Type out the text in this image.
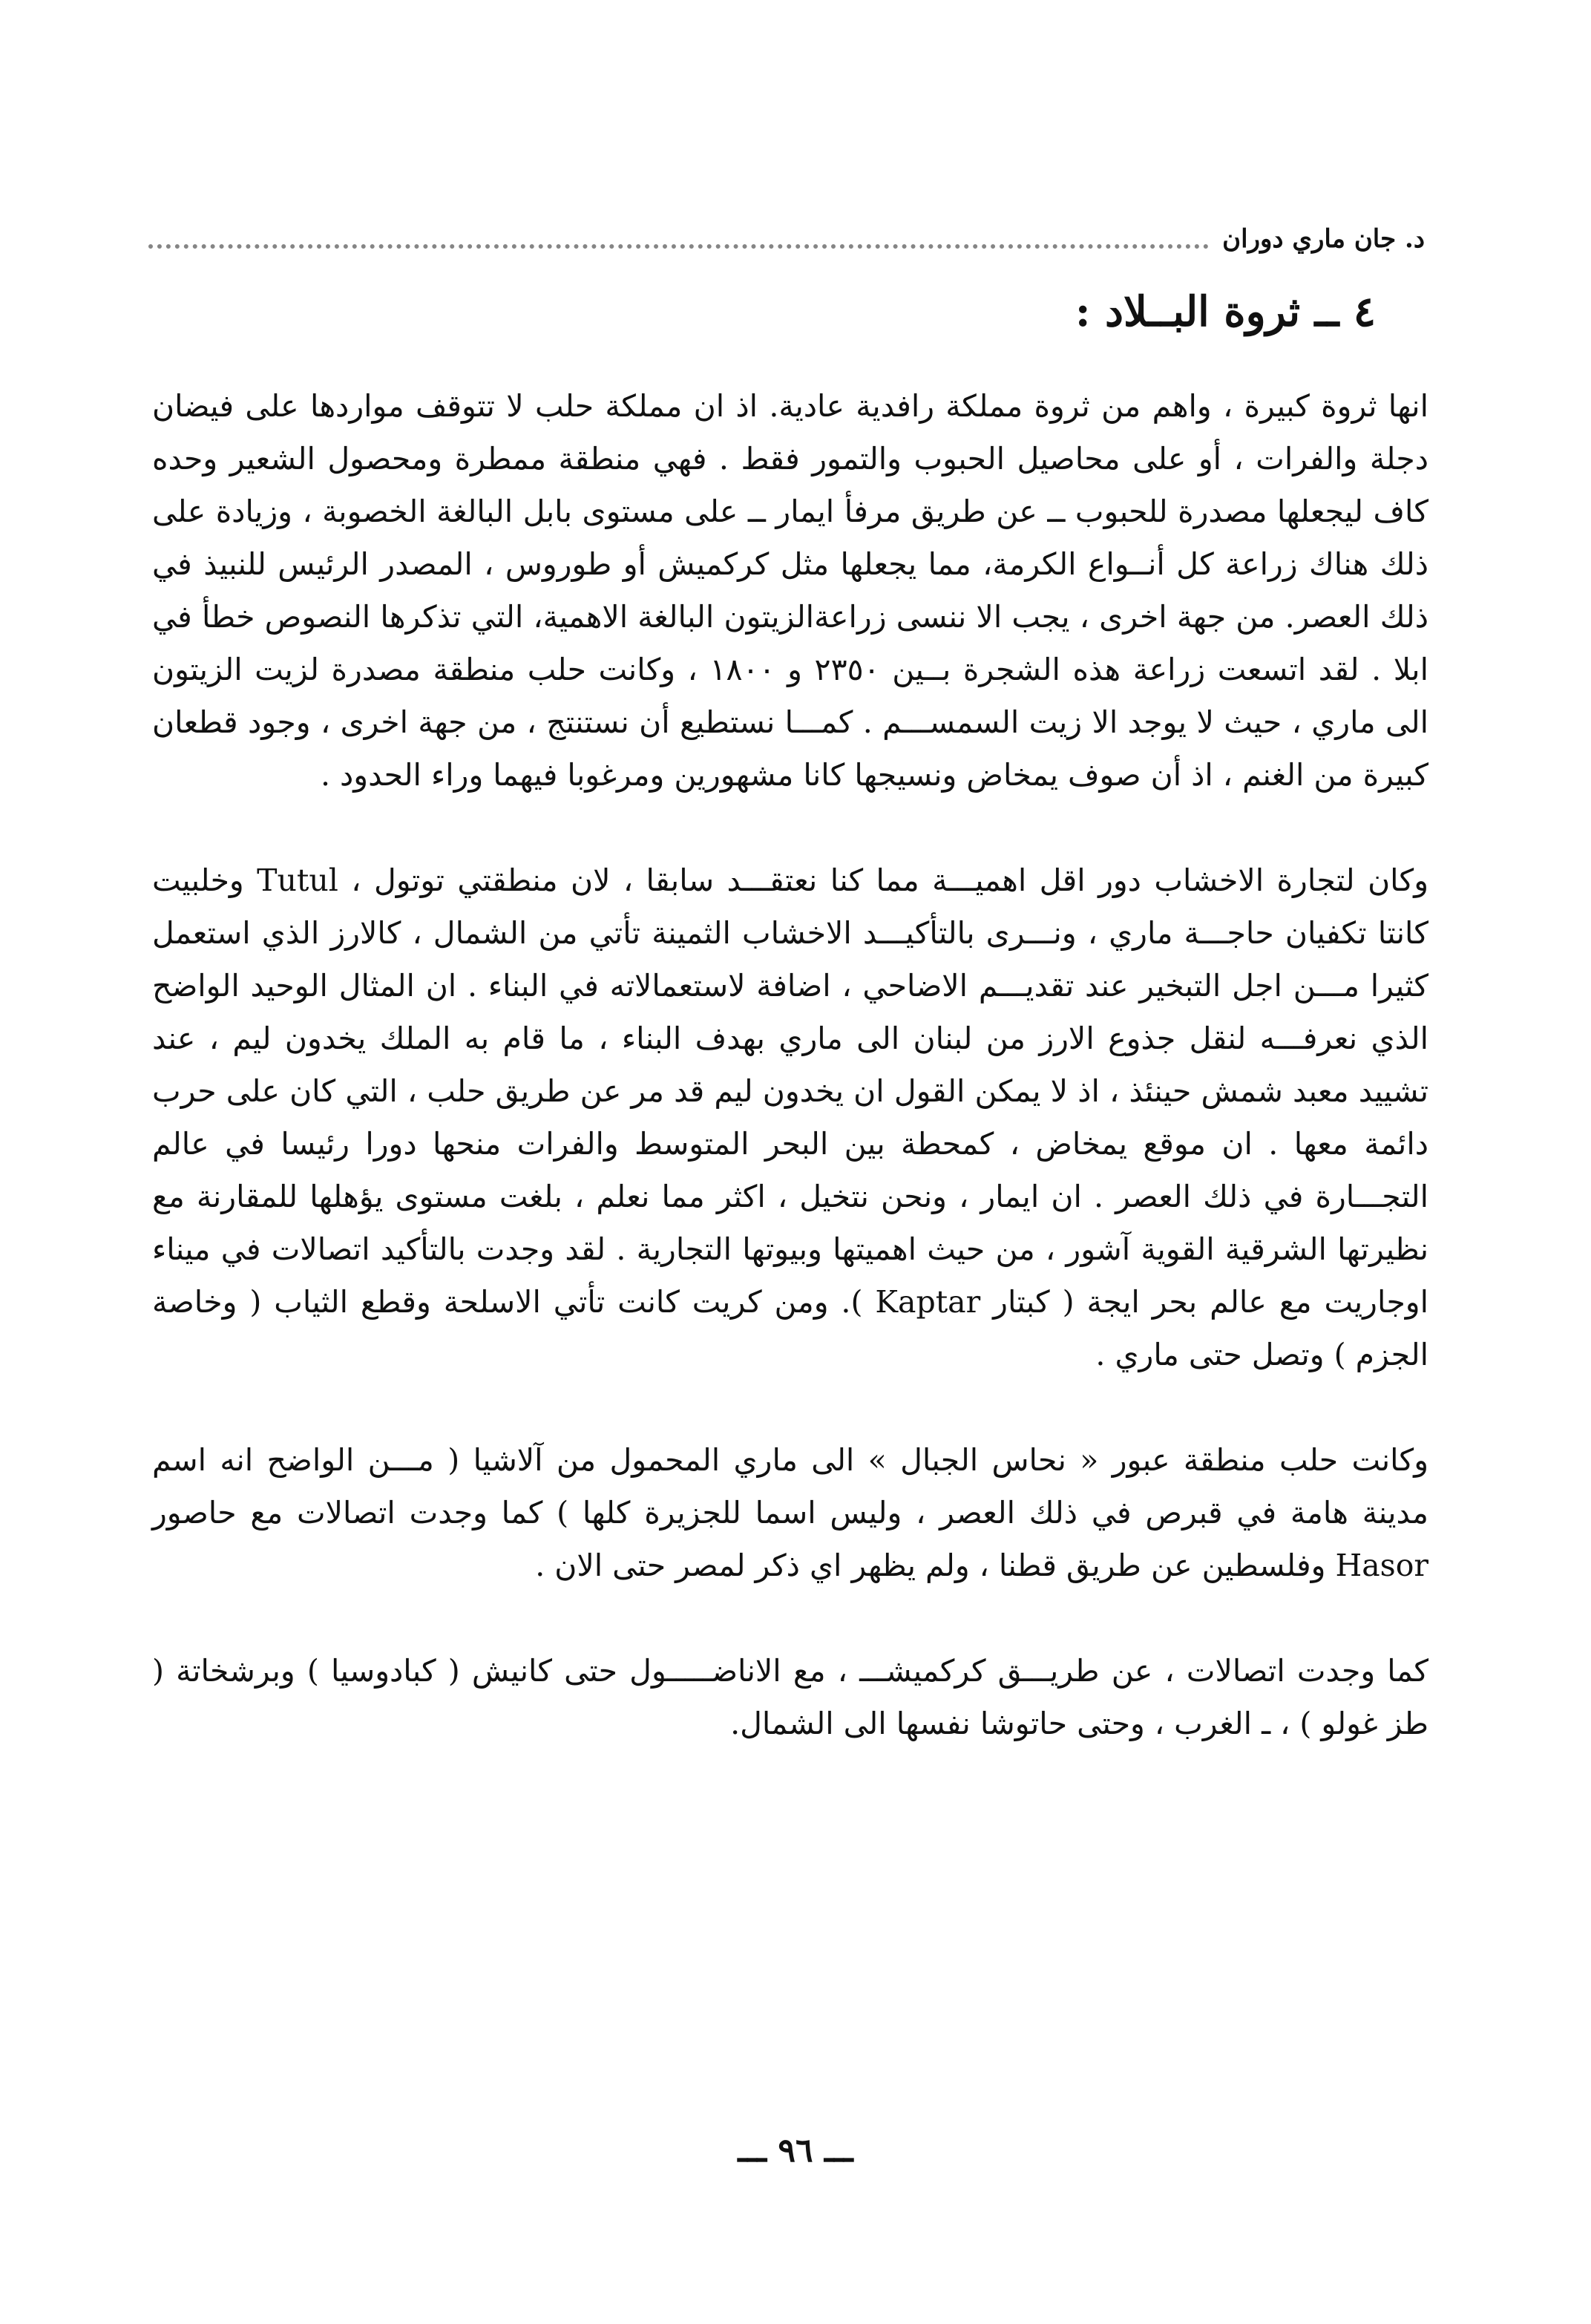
د. جان ماري دوران
٤ ــ ثروة البــلاد :

انها ثروة كبيرة ، واهم من ثروة مملكة رافدية عادية. اذ ان مملكة حلب لا تتوقف مواردها على فيضان دجلة والفرات ، أو على محاصيل الحبوب والتمور فقط . فهي منطقة ممطرة ومحصول الشعير وحده كاف ليجعلها مصدرة للحبوب ــ عن طريق مرفأ ايمار ــ على مستوى بابل البالغة الخصوبة ، وزيادة على ذلك هناك زراعة كل أنــواع الكرمة، مما يجعلها مثل كركميش أو طوروس ، المصدر الرئيس للنبيذ في ذلك العصر. من جهة اخرى ، يجب الا ننسى زراعةالزيتون البالغة الاهمية، التي تذكرها النصوص خطأ في ابلا . لقد اتسعت زراعة هذه الشجرة بــين ٢٣٥٠ و ١٨٠٠ ، وكانت حلب منطقة مصدرة لزيت الزيتون الى ماري ، حيث لا يوجد الا زيت السمســـم . كمـــا نستطيع أن نستنتج ، من جهة اخرى ، وجود قطعان كبيرة من الغنم ، اذ أن صوف يمخاض ونسيجها كانا مشهورين ومرغوبا فيهما وراء الحدود .

وكان لتجارة الاخشاب دور اقل اهميـــة مما كنا نعتقـــد سابقا ، لان منطقتي توتول ، Tutul وخلبيت كانتا تكفيان حاجـــة ماري ، ونـــرى بالتأكيـــد الاخشاب الثمينة تأتي من الشمال ، كالارز الذي استعمل كثيرا مـــن اجل التبخير عند تقديـــم الاضاحي ، اضافة لاستعمالاته في البناء . ان المثال الوحيد الواضح الذي نعرفـــه لنقل جذوع الارز من لبنان الى ماري بهدف البناء ، ما قام به الملك يخدون ليم ، عند تشييد معبد شمش حينئذ ، اذ لا يمكن القول ان يخدون ليم قد مر عن طريق حلب ، التي كان على حرب دائمة معها . ان موقع يمخاض ، كمحطة بين البحر المتوسط والفرات منحها دورا رئيسا في عالم التجـــارة في ذلك العصر . ان ايمار ، ونحن نتخيل ، اكثر مما نعلم ، بلغت مستوى يؤهلها للمقارنة مع نظيرتها الشرقية القوية آشور ، من حيث اهميتها وبيوتها التجارية . لقد وجدت بالتأكيد اتصالات في ميناء اوجاريت مع عالم بحر ايجة ( كبتار Kaptar ). ومن كريت كانت تأتي الاسلحة وقطع الثياب ( وخاصة الجزم ) وتصل حتى ماري .

وكانت حلب منطقة عبور « نحاس الجبال » الى ماري المحمول من آلاشيا ( مـــن الواضح انه اسم مدينة هامة في قبرص في ذلك العصر ، وليس اسما للجزيرة كلها ) كما وجدت اتصالات مع حاصور Hasor وفلسطين عن طريق قطنا ، ولم يظهر اي ذكر لمصر حتى الان .

كما وجدت اتصالات ، عن طريـــق كركميشـــ ، مع الاناضـــــول حتى كانيش ( كبادوسيا ) وبرشخاتة ( طز غولو ) ، ـ الغرب ، وحتى حاتوشا نفسها الى الشمال.

ـــ ٩٦ ـــ
